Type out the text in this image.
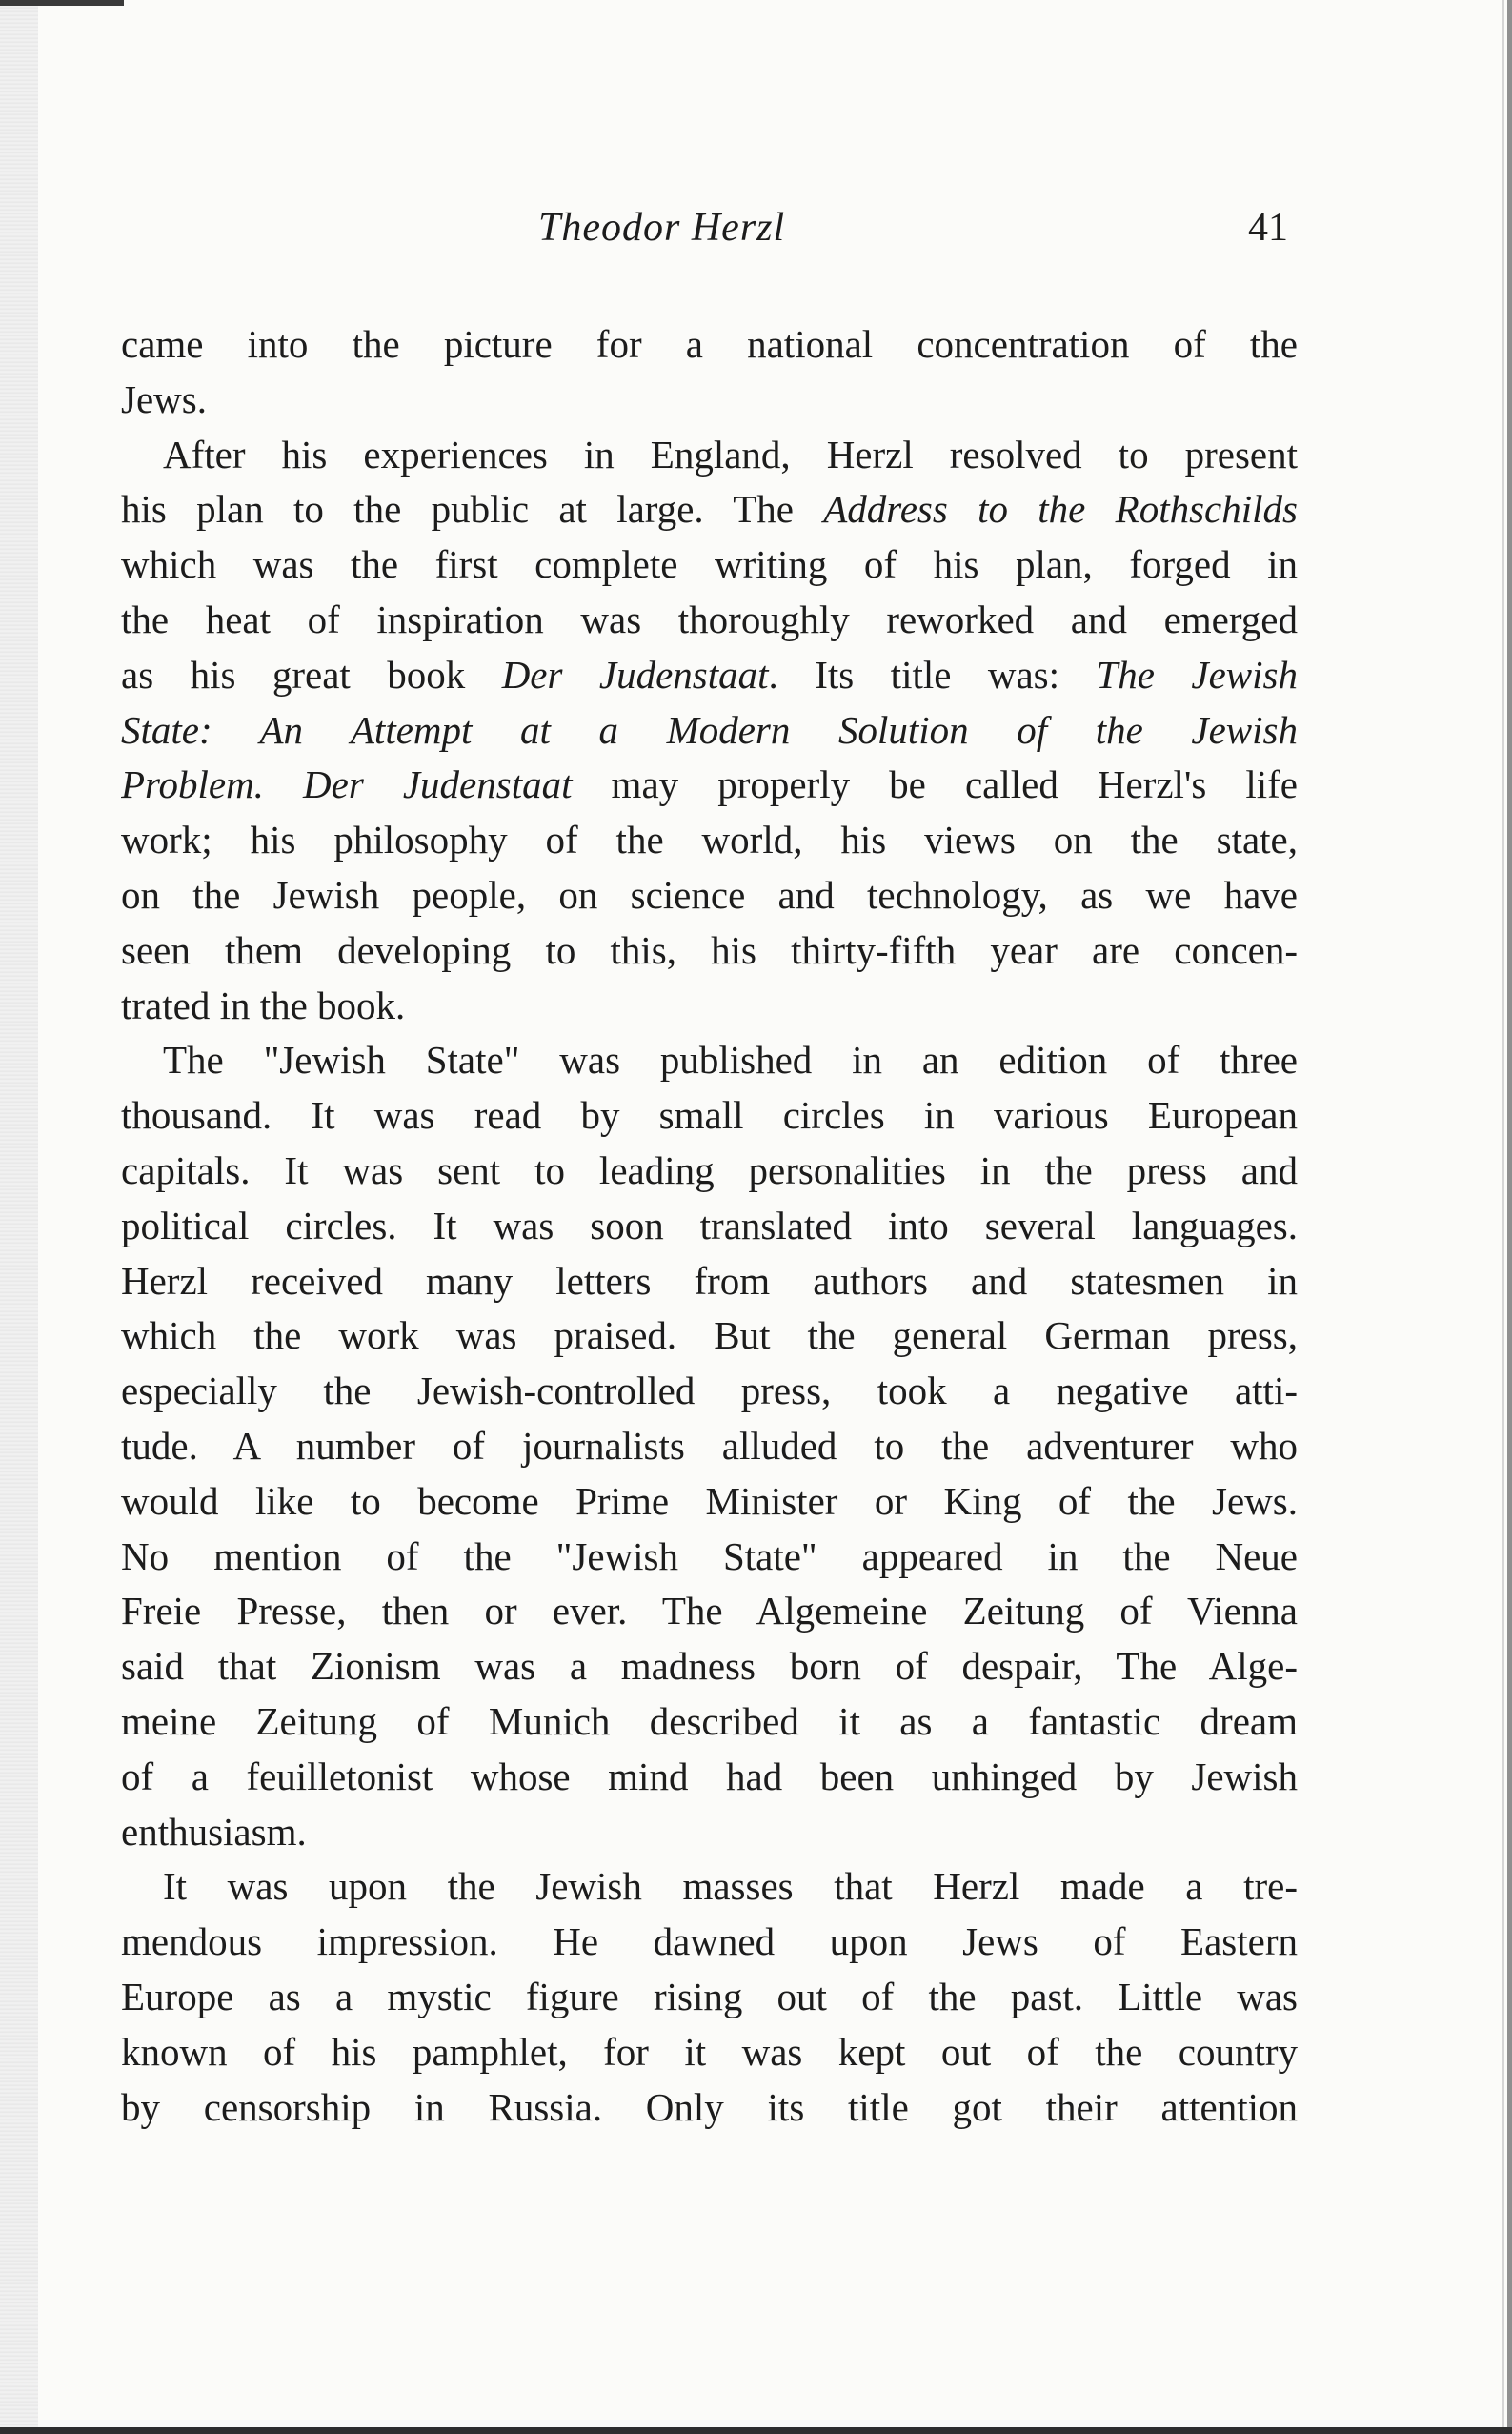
Theodor Herzl	41
came into the picture for a national concentration of the
Jews.
After his experiences in England, Herzl resolved to present
his plan to the public at large. The Address to the Rothschilds
which was the first complete writing of his plan, forged in
the heat of inspiration was thoroughly reworked and emerged
as his great book Der Judenstaat. Its title was: The Jewish
State: An Attempt at a Modern Solution of the Jewish
Problem. Der Judenstaat may properly be called Herzl's life
work; his philosophy of the world, his views on the state,
on the Jewish people, on science and technology, as we have
seen them developing to this, his thirty-fifth year are concen-
trated in the book.
The "Jewish State" was published in an edition of three
thousand. It was read by small circles in various European
capitals. It was sent to leading personalities in the press and
political circles. It was soon translated into several languages.
Herzl received many letters from authors and statesmen in
which the work was praised. But the general German press,
especially the Jewish-controlled press, took a negative atti-
tude. A number of journalists alluded to the adventurer who
would like to become Prime Minister or King of the Jews.
No mention of the "Jewish State" appeared in the Neue
Freie Presse, then or ever. The Algemeine Zeitung of Vienna
said that Zionism was a madness born of despair, The Alge-
meine Zeitung of Munich described it as a fantastic dream
of a feuilletonist whose mind had been unhinged by Jewish
enthusiasm.
It was upon the Jewish masses that Herzl made a tre-
mendous impression. He dawned upon Jews of Eastern
Europe as a mystic figure rising out of the past. Little was
known of his pamphlet, for it was kept out of the country
by censorship in Russia. Only its title got their attention
